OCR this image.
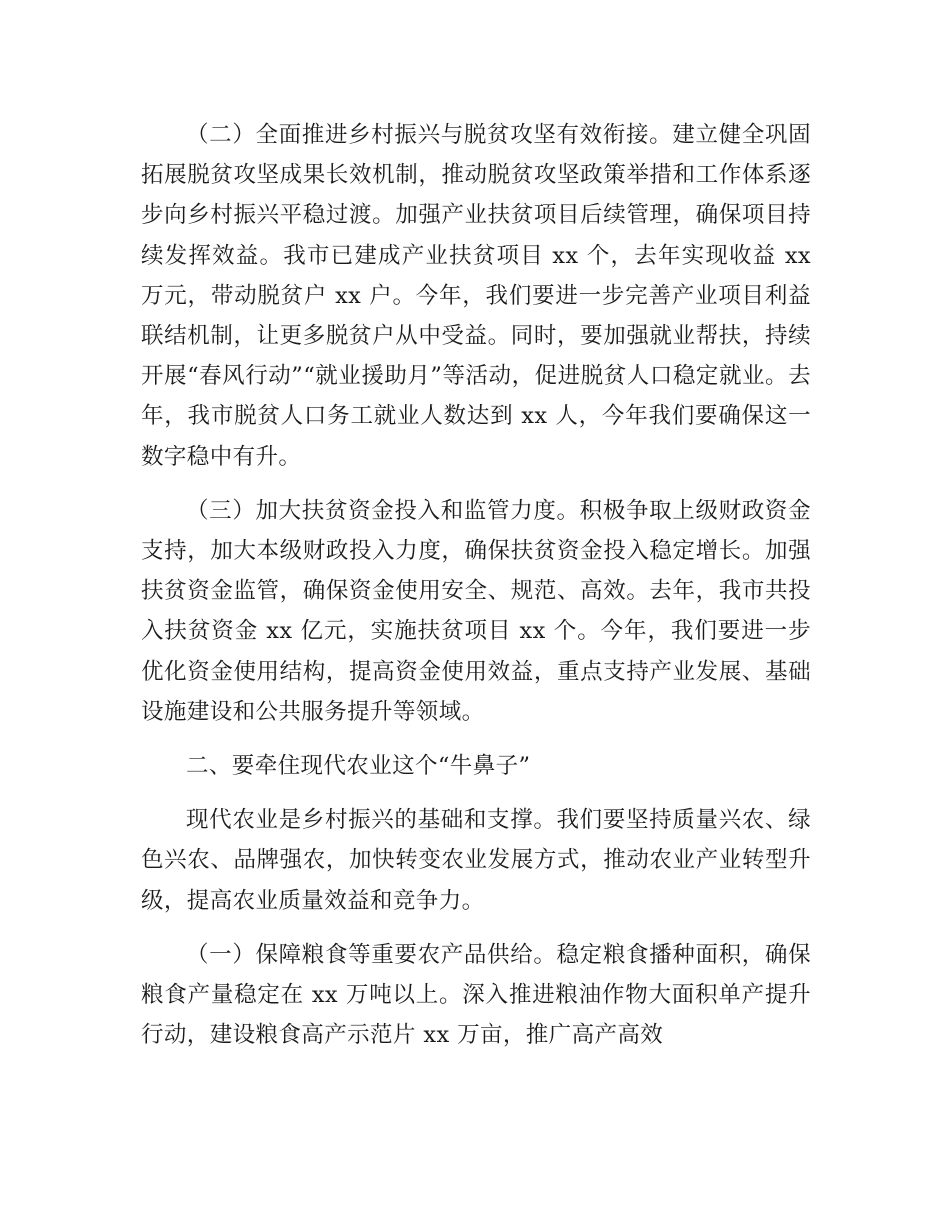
（二）全面推进乡村振兴与脱贫攻坚有效衔接。建立健全巩固拓展脱贫攻坚成果长效机制，推动脱贫攻坚政策举措和工作体系逐步向乡村振兴平稳过渡。加强产业扶贫项目后续管理，确保项目持续发挥效益。我市已建成产业扶贫项目 xx 个，去年实现收益 xx 万元，带动脱贫户 xx 户。今年，我们要进一步完善产业项目利益联结机制，让更多脱贫户从中受益。同时，要加强就业帮扶，持续开展“春风行动”“就业援助月”等活动，促进脱贫人口稳定就业。去年，我市脱贫人口务工就业人数达到 xx 人，今年我们要确保这一数字稳中有升。

（三）加大扶贫资金投入和监管力度。积极争取上级财政资金支持，加大本级财政投入力度，确保扶贫资金投入稳定增长。加强扶贫资金监管，确保资金使用安全、规范、高效。去年，我市共投入扶贫资金 xx 亿元，实施扶贫项目 xx 个。今年，我们要进一步优化资金使用结构，提高资金使用效益，重点支持产业发展、基础设施建设和公共服务提升等领域。

二、要牵住现代农业这个“牛鼻子”

现代农业是乡村振兴的基础和支撑。我们要坚持质量兴农、绿色兴农、品牌强农，加快转变农业发展方式，推动农业产业转型升级，提高农业质量效益和竞争力。

（一）保障粮食等重要农产品供给。稳定粮食播种面积，确保粮食产量稳定在 xx 万吨以上。深入推进粮油作物大面积单产提升行动，建设粮食高产示范片 xx 万亩，推广高产高效
